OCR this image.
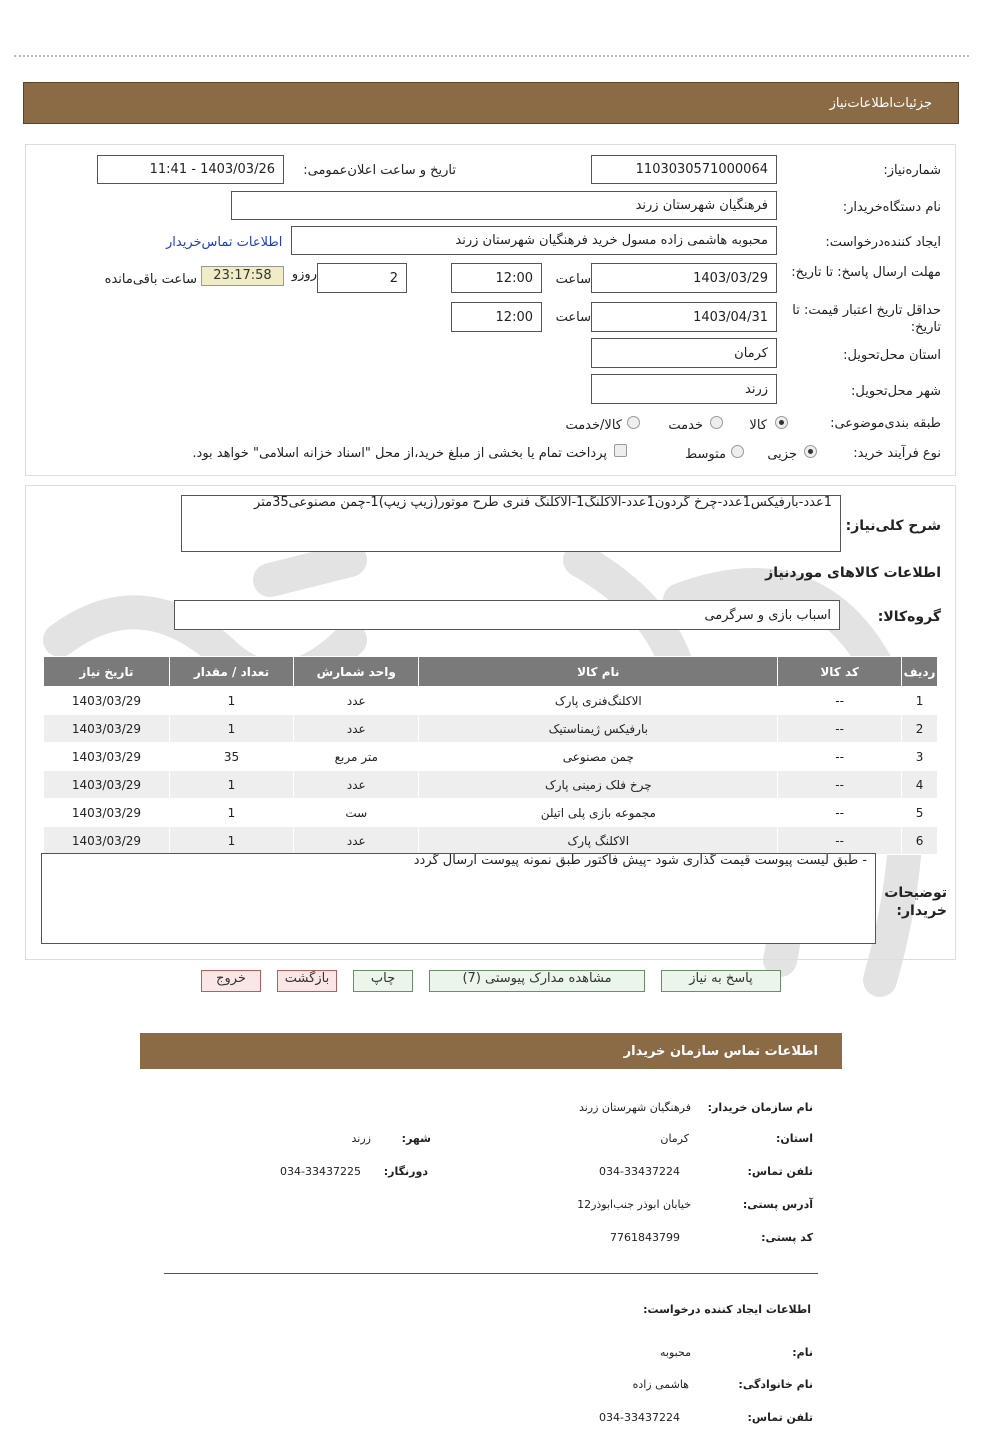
جزئیات‌اطلاعات‌نیاز
شماره‌نیاز:
1103030571000064
تاریخ و ساعت اعلان‌عمومی:
1403/03/26 - 11:41
نام دستگاه‌خریدار:
فرهنگیان شهرستان زرند
ایجاد کننده‌درخواست:
محبوبه هاشمی زاده مسول خرید فرهنگیان شهرستان زرند
اطلاعات تماس‌خریدار
مهلت ارسال پاسخ: تا تاریخ:
1403/03/29
ساعت
12:00
2
روزو
23:17:58
ساعت باقی‌مانده
حداقل تاریخ اعتبار قیمت: تا تاریخ:
1403/04/31
ساعت
12:00
استان محل‌تحویل:
کرمان
شهر محل‌تحویل:
زرند
طبقه بندی‌موضوعی:
کالا
خدمت
کالا/خدمت
نوع فرآیند خرید:
جزیی
متوسط
پرداخت تمام یا بخشی از مبلغ خرید،از محل "اسناد خزانه اسلامی" خواهد بود.
شرح کلی‌نیاز:
1عدد-بارفیکس1عدد-چرخ گردون1عدد-الاکلنگ1-الاکلنگ فنری طرح موتور(زیپ زیپ)1-چمن مصنوعی35متر
اطلاعات کالاهای موردنیاز
گروه‌کالا:
اسباب بازی و سرگرمی
ردیف	کد کالا	نام کالا	واحد شمارش	تعداد / مقدار	تاریخ نیاز
1	--	الاکلنگ‌فنری پارک	عدد	1	1403/03/29
2	--	بارفیکس ژیمناستیک	عدد	1	1403/03/29
3	--	چمن مصنوعی	متر مربع	35	1403/03/29
4	--	چرخ فلک زمینی پارک	عدد	1	1403/03/29
5	--	مجموعه بازی پلی اتیلن	ست	1	1403/03/29
6	--	الاکلنگ پارک	عدد	1	1403/03/29
- طبق لیست پیوست قیمت گذاری شود -پیش فاکتور طبق نمونه پیوست ارسال گردد
توضیحات خریدار:
پاسخ به نیاز
مشاهده مدارک پیوستی (7)
چاپ
بازگشت
خروج
اطلاعات تماس سازمان خریدار
نام سازمان خریدار:
فرهنگیان شهرستان زرند
استان:
کرمان
شهر:
زرند
تلفن تماس:
034-33437224
دورنگار:
034-33437225
آدرس پستی:
خیابان ابوذر جنب‌ابوذر12
کد پستی:
7761843799
اطلاعات ایجاد کننده درخواست:
نام:
محبوبه
نام خانوادگی:
هاشمی زاده
تلفن تماس:
034-33437224
